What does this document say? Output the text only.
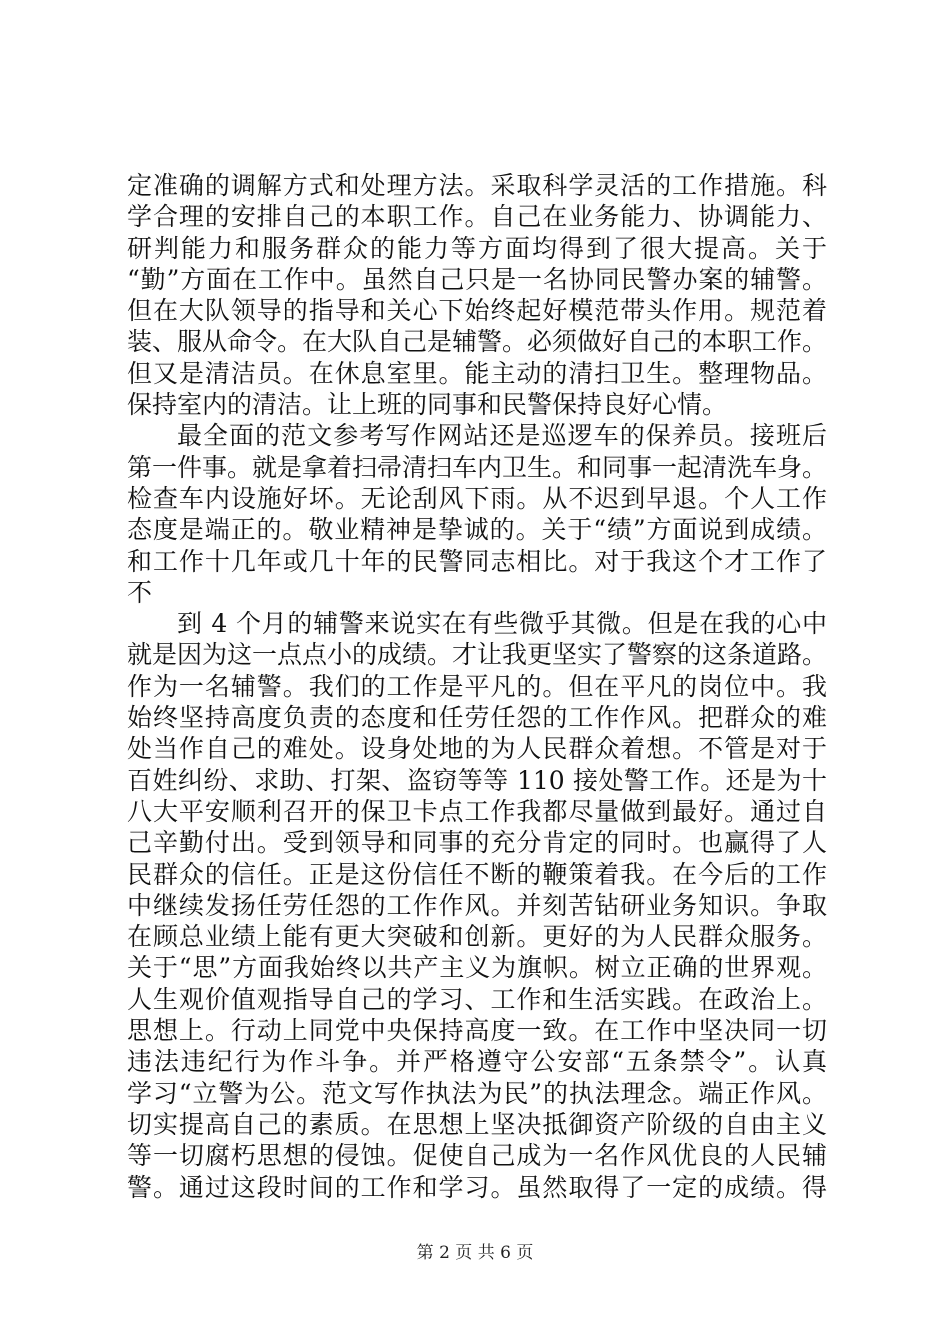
定准确的调解方式和处理方法。采取科学灵活的工作措施。科
学合理的安排自己的本职工作。自己在业务能力、协调能力、
研判能力和服务群众的能力等方面均得到了很大提高。关于
“勤”方面在工作中。虽然自己只是一名协同民警办案的辅警。
但在大队领导的指导和关心下始终起好模范带头作用。规范着
装、服从命令。在大队自己是辅警。必须做好自己的本职工作。
但又是清洁员。在休息室里。能主动的清扫卫生。整理物品。
保持室内的清洁。让上班的同事和民警保持良好心情。
最全面的范文参考写作网站还是巡逻车的保养员。接班后
第一件事。就是拿着扫帚清扫车内卫生。和同事一起清洗车身。
检查车内设施好坏。无论刮风下雨。从不迟到早退。个人工作
态度是端正的。敬业精神是挚诚的。关于“绩”方面说到成绩。
和工作十几年或几十年的民警同志相比。对于我这个才工作了
不
到 4 个月的辅警来说实在有些微乎其微。但是在我的心中
就是因为这一点点小的成绩。才让我更坚实了警察的这条道路。
作为一名辅警。我们的工作是平凡的。但在平凡的岗位中。我
始终坚持高度负责的态度和任劳任怨的工作作风。把群众的难
处当作自己的难处。设身处地的为人民群众着想。不管是对于
百姓纠纷、求助、打架、盗窃等等 110 接处警工作。还是为十
八大平安顺利召开的保卫卡点工作我都尽量做到最好。通过自
己辛勤付出。受到领导和同事的充分肯定的同时。也赢得了人
民群众的信任。正是这份信任不断的鞭策着我。在今后的工作
中继续发扬任劳任怨的工作作风。并刻苦钻研业务知识。争取
在顾总业绩上能有更大突破和创新。更好的为人民群众服务。
关于“思”方面我始终以共产主义为旗帜。树立正确的世界观。
人生观价值观指导自己的学习、工作和生活实践。在政治上。
思想上。行动上同党中央保持高度一致。在工作中坚决同一切
违法违纪行为作斗争。并严格遵守公安部“五条禁令”。认真
学习“立警为公。范文写作执法为民”的执法理念。端正作风。
切实提高自己的素质。在思想上坚决抵御资产阶级的自由主义
等一切腐朽思想的侵蚀。促使自己成为一名作风优良的人民辅
警。通过这段时间的工作和学习。虽然取得了一定的成绩。得
第 2 页 共 6 页
